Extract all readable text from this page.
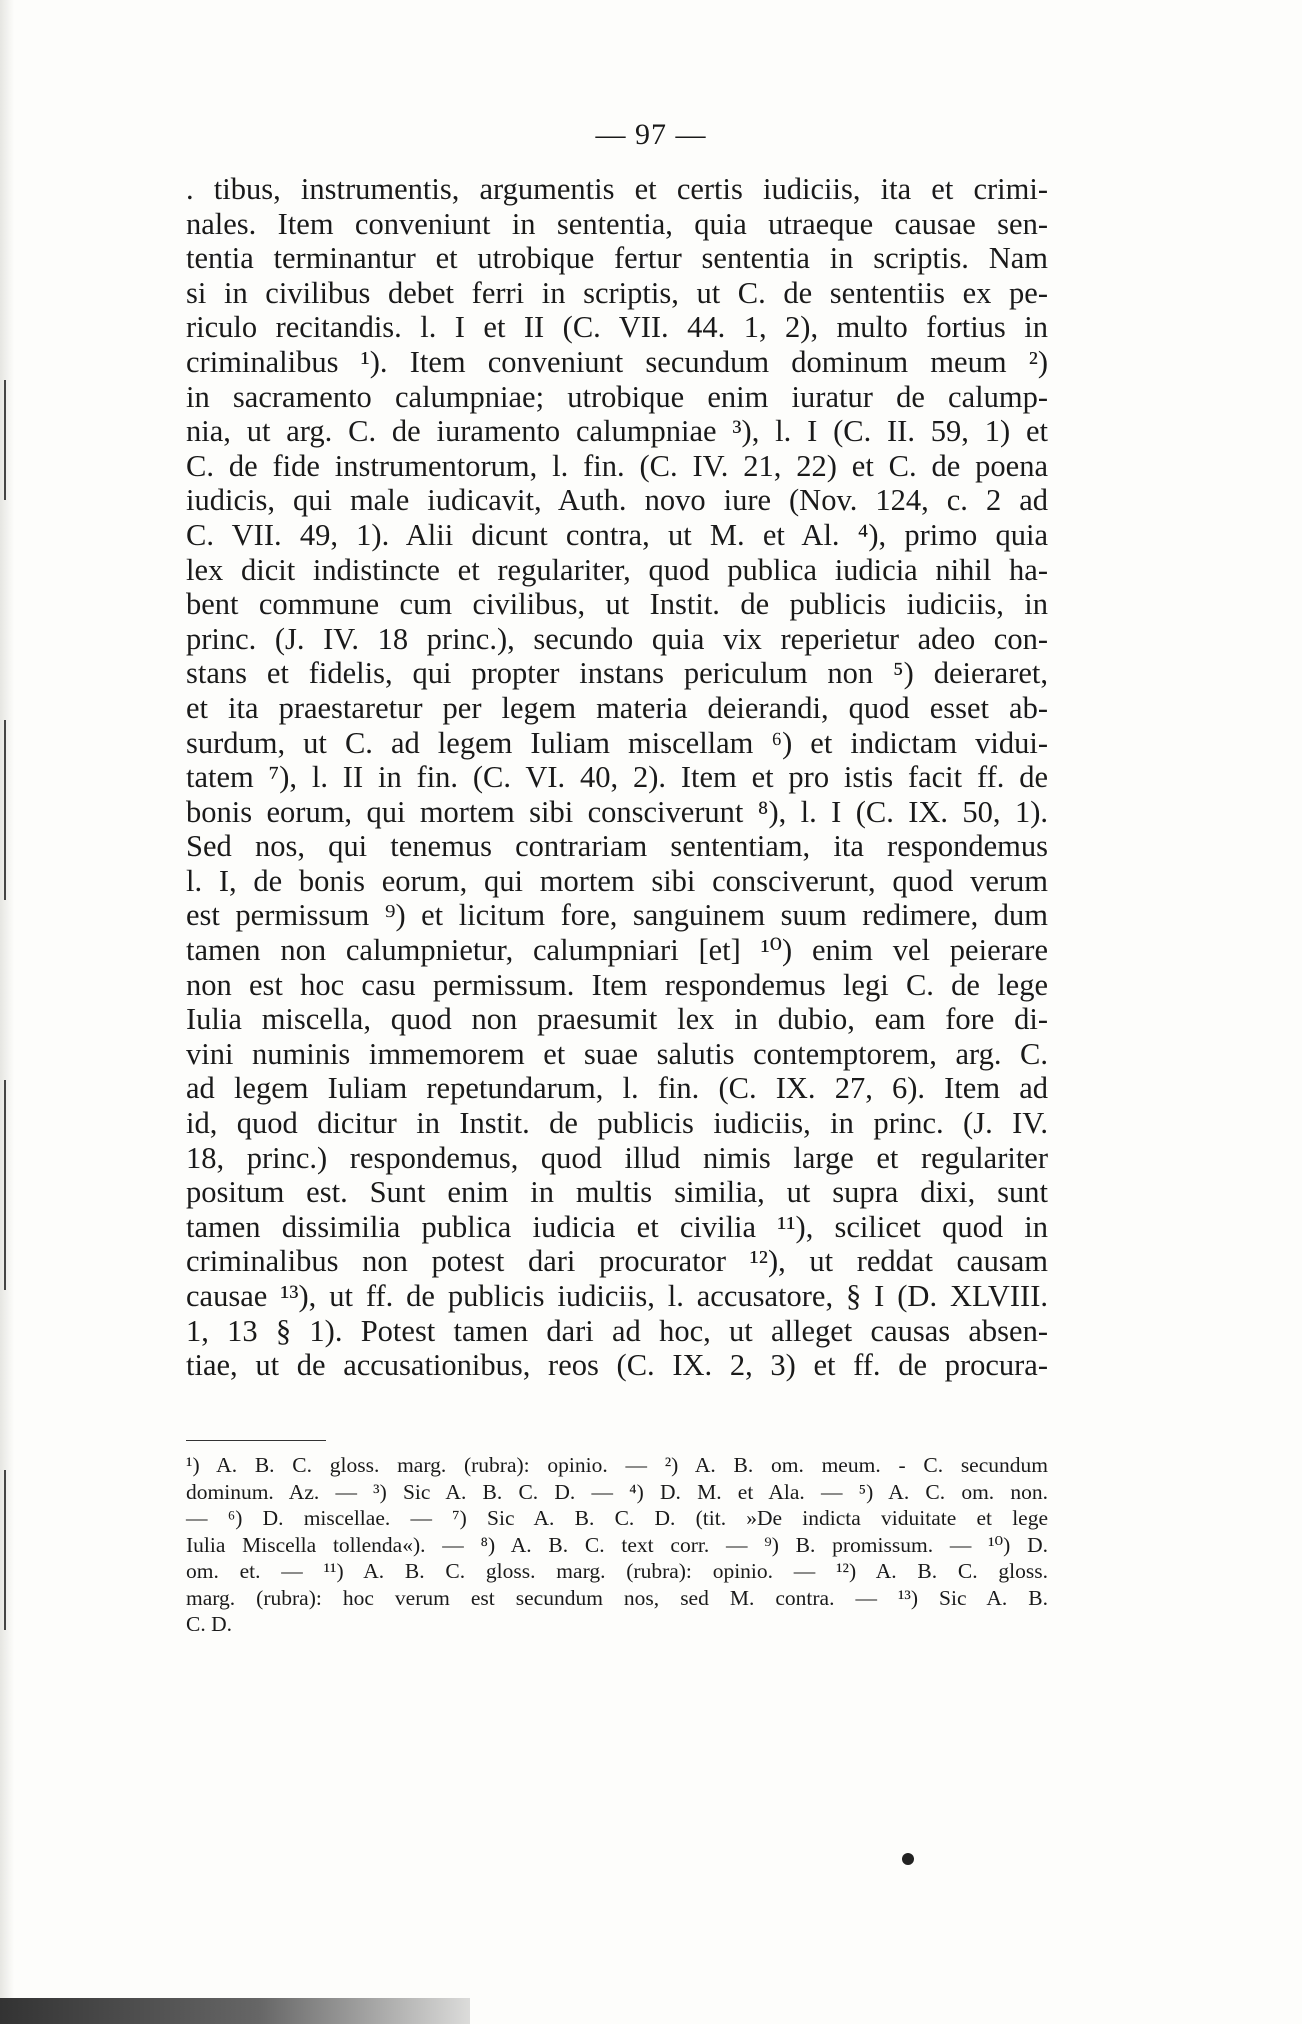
— 97 —
. tibus, instrumentis, argumentis et certis iudiciis, ita et crimi-
nales. Item conveniunt in sententia, quia utraeque causae sen-
tentia terminantur et utrobique fertur sententia in scriptis. Nam
si in civilibus debet ferri in scriptis, ut C. de sententiis ex pe-
riculo recitandis. l. I et II (C. VII. 44. 1, 2), multo fortius in
criminalibus ¹). Item conveniunt secundum dominum meum ²)
in sacramento calumpniae; utrobique enim iuratur de calump-
nia, ut arg. C. de iuramento calumpniae ³), l. I (C. II. 59, 1) et
C. de fide instrumentorum, l. fin. (C. IV. 21, 22) et C. de poena
iudicis, qui male iudicavit, Auth. novo iure (Nov. 124, c. 2 ad
C. VII. 49, 1). Alii dicunt contra, ut M. et Al. ⁴), primo quia
lex dicit indistincte et regulariter, quod publica iudicia nihil ha-
bent commune cum civilibus, ut Instit. de publicis iudiciis, in
princ. (J. IV. 18 princ.), secundo quia vix reperietur adeo con-
stans et fidelis, qui propter instans periculum non ⁵) deieraret,
et ita praestaretur per legem materia deierandi, quod esset ab-
surdum, ut C. ad legem Iuliam miscellam ⁶) et indictam vidui-
tatem ⁷), l. II in fin. (C. VI. 40, 2). Item et pro istis facit ff. de
bonis eorum, qui mortem sibi consciverunt ⁸), l. I (C. IX. 50, 1).
Sed nos, qui tenemus contrariam sententiam, ita respondemus
l. I, de bonis eorum, qui mortem sibi consciverunt, quod verum
est permissum ⁹) et licitum fore, sanguinem suum redimere, dum
tamen non calumpnietur, calumpniari [et] ¹⁰) enim vel peierare
non est hoc casu permissum. Item respondemus legi C. de lege
Iulia miscella, quod non praesumit lex in dubio, eam fore di-
vini numinis immemorem et suae salutis contemptorem, arg. C.
ad legem Iuliam repetundarum, l. fin. (C. IX. 27, 6). Item ad
id, quod dicitur in Instit. de publicis iudiciis, in princ. (J. IV.
18, princ.) respondemus, quod illud nimis large et regulariter
positum est. Sunt enim in multis similia, ut supra dixi, sunt
tamen dissimilia publica iudicia et civilia ¹¹), scilicet quod in
criminalibus non potest dari procurator ¹²), ut reddat causam
causae ¹³), ut ff. de publicis iudiciis, l. accusatore, § I (D. XLVIII.
1, 13 § 1). Potest tamen dari ad hoc, ut alleget causas absen-
tiae, ut de accusationibus, reos (C. IX. 2, 3) et ff. de procura-
¹) A. B. C. gloss. marg. (rubra): opinio. — ²) A. B. om. meum. - C. secundum
dominum. Az. — ³) Sic A. B. C. D. — ⁴) D. M. et Ala. — ⁵) A. C. om. non.
— ⁶) D. miscellae. — ⁷) Sic A. B. C. D. (tit. »De indicta viduitate et lege
Iulia Miscella tollenda«). — ⁸) A. B. C. text corr. — ⁹) B. promissum. — ¹⁰) D.
om. et. — ¹¹) A. B. C. gloss. marg. (rubra): opinio. — ¹²) A. B. C. gloss.
marg. (rubra): hoc verum est secundum nos, sed M. contra. — ¹³) Sic A. B.
C. D.
